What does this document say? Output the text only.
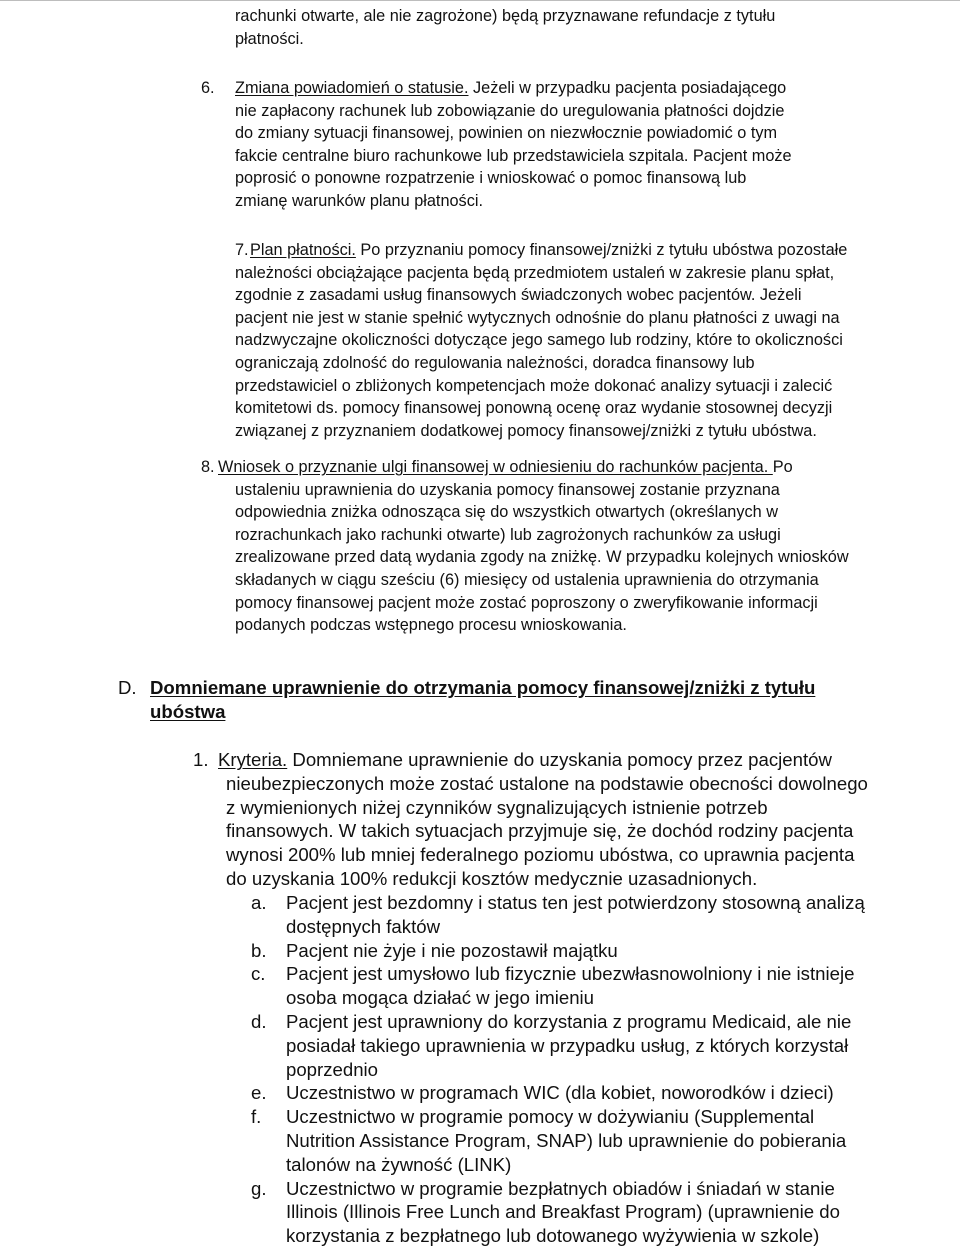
rachunki otwarte, ale nie zagrożone) będą przyznawane refundacje z tytułu
płatności.
6. Zmiana powiadomień o statusie. Jeżeli w przypadku pacjenta posiadającego
nie zapłacony rachunek lub zobowiązanie do uregulowania płatności dojdzie
do zmiany sytuacji finansowej, powinien on niezwłocznie powiadomić o tym
fakcie centralne biuro rachunkowe lub przedstawiciela szpitala. Pacjent może
poprosić o ponowne rozpatrzenie i wnioskować o pomoc finansową lub
zmianę warunków planu płatności.
7. Plan płatności. Po przyznaniu pomocy finansowej/zniżki z tytułu ubóstwa pozostałe
należności obciążające pacjenta będą przedmiotem ustaleń w zakresie planu spłat,
zgodnie z zasadami usług finansowych świadczonych wobec pacjentów. Jeżeli
pacjent nie jest w stanie spełnić wytycznych odnośnie do planu płatności z uwagi na
nadzwyczajne okoliczności dotyczące jego samego lub rodziny, które to okoliczności
ograniczają zdolność do regulowania należności, doradca finansowy lub
przedstawiciel o zbliżonych kompetencjach może dokonać analizy sytuacji i zalecić
komitetowi ds. pomocy finansowej ponowną ocenę oraz wydanie stosownej decyzji
związanej z przyznaniem dodatkowej pomocy finansowej/zniżki z tytułu ubóstwa.
8. Wniosek o przyznanie ulgi finansowej w odniesieniu do rachunków pacjenta. Po
ustaleniu uprawnienia do uzyskania pomocy finansowej zostanie przyznana
odpowiednia zniżka odnosząca się do wszystkich otwartych (określanych w
rozrachunkach jako rachunki otwarte) lub zagrożonych rachunków za usługi
zrealizowane przed datą wydania zgody na zniżkę. W przypadku kolejnych wniosków
składanych w ciągu sześciu (6) miesięcy od ustalenia uprawnienia do otrzymania
pomocy finansowej pacjent może zostać poproszony o zweryfikowanie informacji
podanych podczas wstępnego procesu wnioskowania.
D. Domniemane uprawnienie do otrzymania pomocy finansowej/zniżki z tytułu
ubóstwa
1. Kryteria. Domniemane uprawnienie do uzyskania pomocy przez pacjentów
nieubezpieczonych może zostać ustalone na podstawie obecności dowolnego
z wymienionych niżej czynników sygnalizujących istnienie potrzeb
finansowych. W takich sytuacjach przyjmuje się, że dochód rodziny pacjenta
wynosi 200% lub mniej federalnego poziomu ubóstwa, co uprawnia pacjenta
do uzyskania 100% redukcji kosztów medycznie uzasadnionych.
a. Pacjent jest bezdomny i status ten jest potwierdzony stosowną analizą
dostępnych faktów
b. Pacjent nie żyje i nie pozostawił majątku
c. Pacjent jest umysłowo lub fizycznie ubezwłasnowolniony i nie istnieje
osoba mogąca działać w jego imieniu
d. Pacjent jest uprawniony do korzystania z programu Medicaid, ale nie
posiadał takiego uprawnienia w przypadku usług, z których korzystał
poprzednio
e. Uczestnistwo w programach WIC (dla kobiet, noworodków i dzieci)
f. Uczestnictwo w programie pomocy w dożywianiu (Supplemental
Nutrition Assistance Program, SNAP) lub uprawnienie do pobierania
talonów na żywność (LINK)
g. Uczestnictwo w programie bezpłatnych obiadów i śniadań w stanie
Illinois (Illinois Free Lunch and Breakfast Program) (uprawnienie do
korzystania z bezpłatnego lub dotowanego wyżywienia w szkole)
